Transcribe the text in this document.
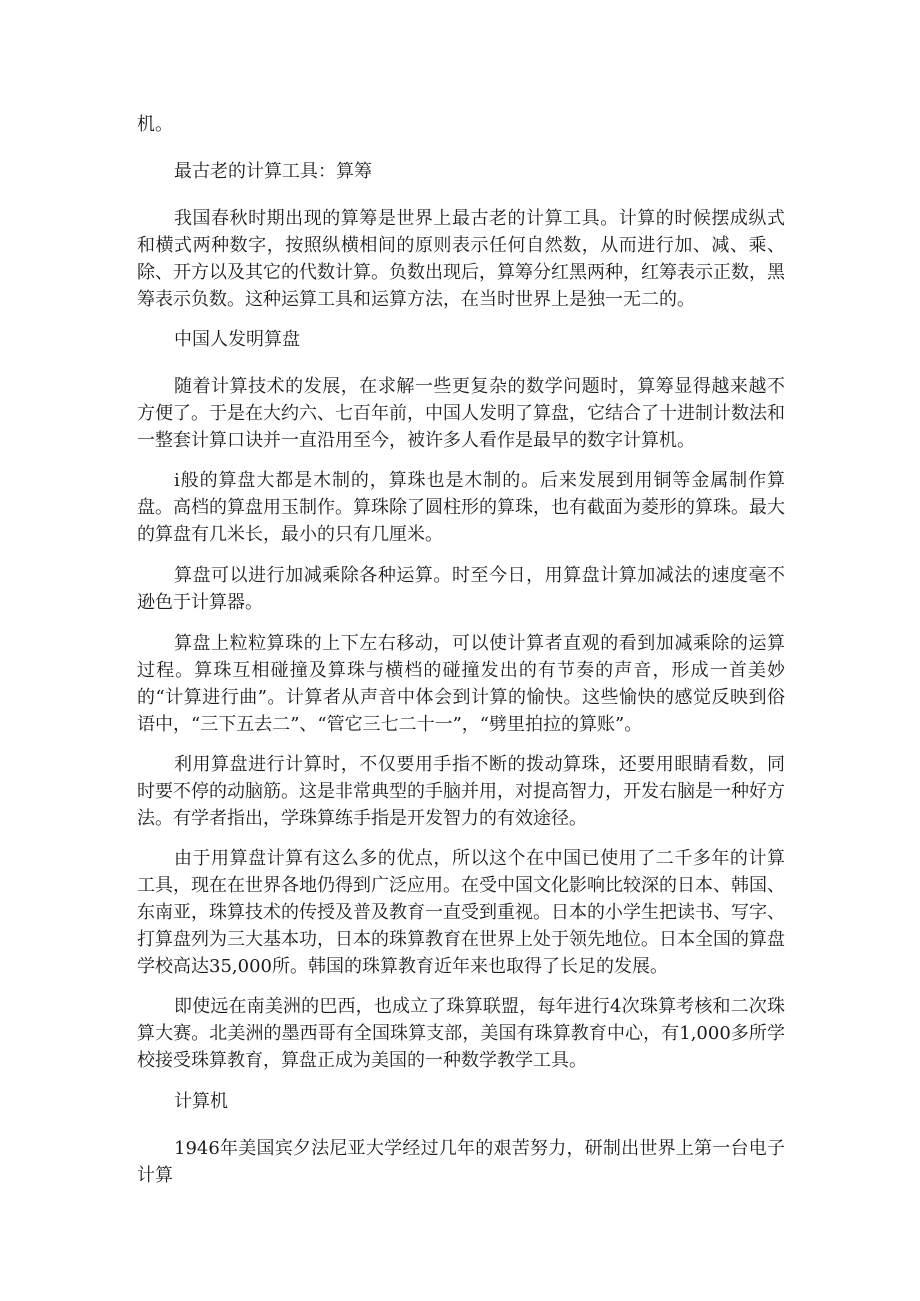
机。

最古老的计算工具：算筹

我国春秋时期出现的算筹是世界上最古老的计算工具。计算的时候摆成纵式和横式两种数字，按照纵横相间的原则表示任何自然数，从而进行加、减、乘、除、开方以及其它的代数计算。负数出现后，算筹分红黑两种，红筹表示正数，黑筹表示负数。这种运算工具和运算方法，在当时世界上是独一无二的。

中国人发明算盘

随着计算技术的发展，在求解一些更复杂的数学问题时，算筹显得越来越不方便了。于是在大约六、七百年前，中国人发明了算盘，它结合了十进制计数法和一整套计算口诀并一直沿用至今，被许多人看作是最早的数字计算机。

i般的算盘大都是木制的，算珠也是木制的。后来发展到用铜等金属制作算盘。高档的算盘用玉制作。算珠除了圆柱形的算珠，也有截面为菱形的算珠。最大的算盘有几米长，最小的只有几厘米。

算盘可以进行加减乘除各种运算。时至今日，用算盘计算加减法的速度毫不逊色于计算器。

算盘上粒粒算珠的上下左右移动，可以使计算者直观的看到加减乘除的运算过程。算珠互相碰撞及算珠与横档的碰撞发出的有节奏的声音，形成一首美妙的“计算进行曲”。计算者从声音中体会到计算的愉快。这些愉快的感觉反映到俗语中，“三下五去二”、“管它三七二十一”，“劈里拍拉的算账”。

利用算盘进行计算时，不仅要用手指不断的拨动算珠，还要用眼睛看数，同时要不停的动脑筋。这是非常典型的手脑并用，对提高智力，开发右脑是一种好方法。有学者指出，学珠算练手指是开发智力的有效途径。

由于用算盘计算有这么多的优点，所以这个在中国已使用了二千多年的计算工具，现在在世界各地仍得到广泛应用。在受中国文化影响比较深的日本、韩国、东南亚，珠算技术的传授及普及教育一直受到重视。日本的小学生把读书、写字、打算盘列为三大基本功，日本的珠算教育在世界上处于领先地位。日本全国的算盘学校高达35,000所。韩国的珠算教育近年来也取得了长足的发展。

即使远在南美洲的巴西，也成立了珠算联盟，每年进行4次珠算考核和二次珠算大赛。北美洲的墨西哥有全国珠算支部，美国有珠算教育中心，有1,000多所学校接受珠算教育，算盘正成为美国的一种数学教学工具。

计算机

1946年美国宾夕法尼亚大学经过几年的艰苦努力，研制出世界上第一台电子计算
